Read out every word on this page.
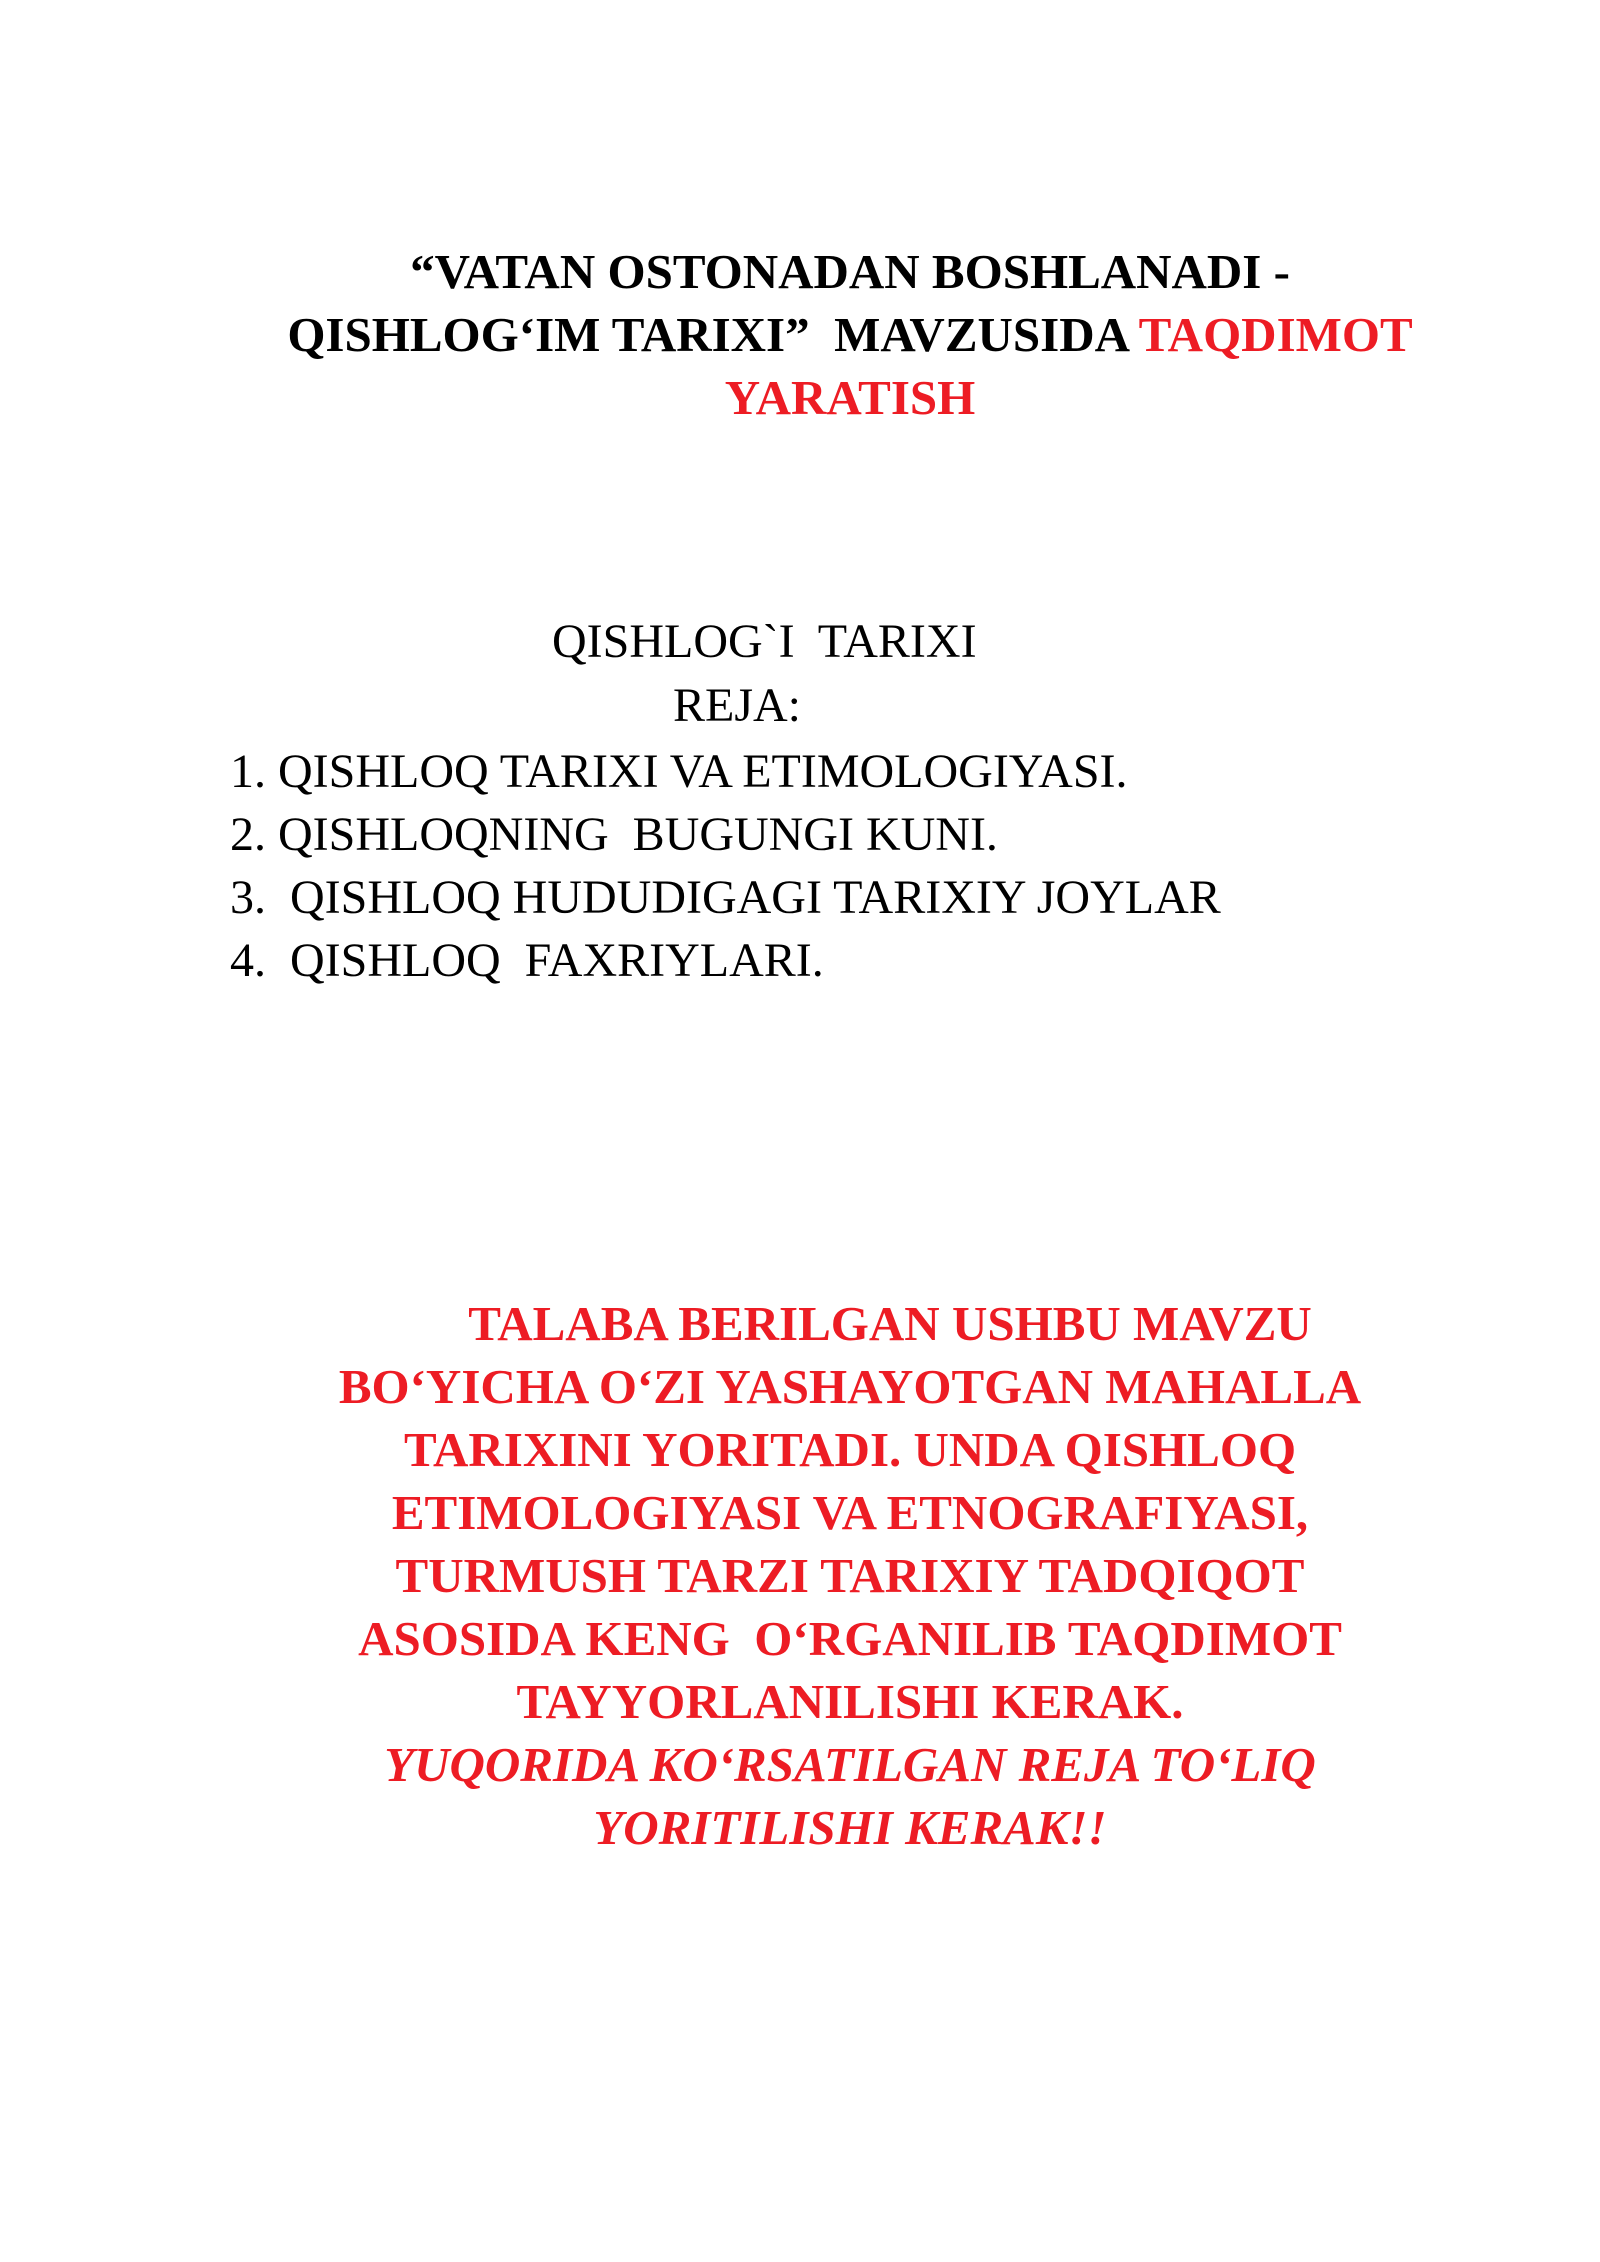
“VATAN OSTONADAN BOSHLANADI -
QISHLOG‘IM TARIXI”  MAVZUSIDA TAQDIMOT
YARATISH
QISHLOG`I  TARIXI
REJA:
1. QISHLOQ TARIXI VA ETIMOLOGIYASI.
2. QISHLOQNING  BUGUNGI KUNI.
3.  QISHLOQ HUDUDIGAGI TARIXIY JOYLAR
4.  QISHLOQ  FAXRIYLARI.
TALABA BERILGAN USHBU MAVZU
BO‘YICHA O‘ZI YASHAYOTGAN MAHALLA
TARIXINI YORITADI. UNDA QISHLOQ
ETIMOLOGIYASI VA ETNOGRAFIYASI,
TURMUSH TARZI TARIXIY TADQIQOT
ASOSIDA KENG  O‘RGANILIB TAQDIMOT
TAYYORLANILISHI KERAK.
YUQORIDA KO‘RSATILGAN REJA TO‘LIQ
YORITILISHI KERAK!!
